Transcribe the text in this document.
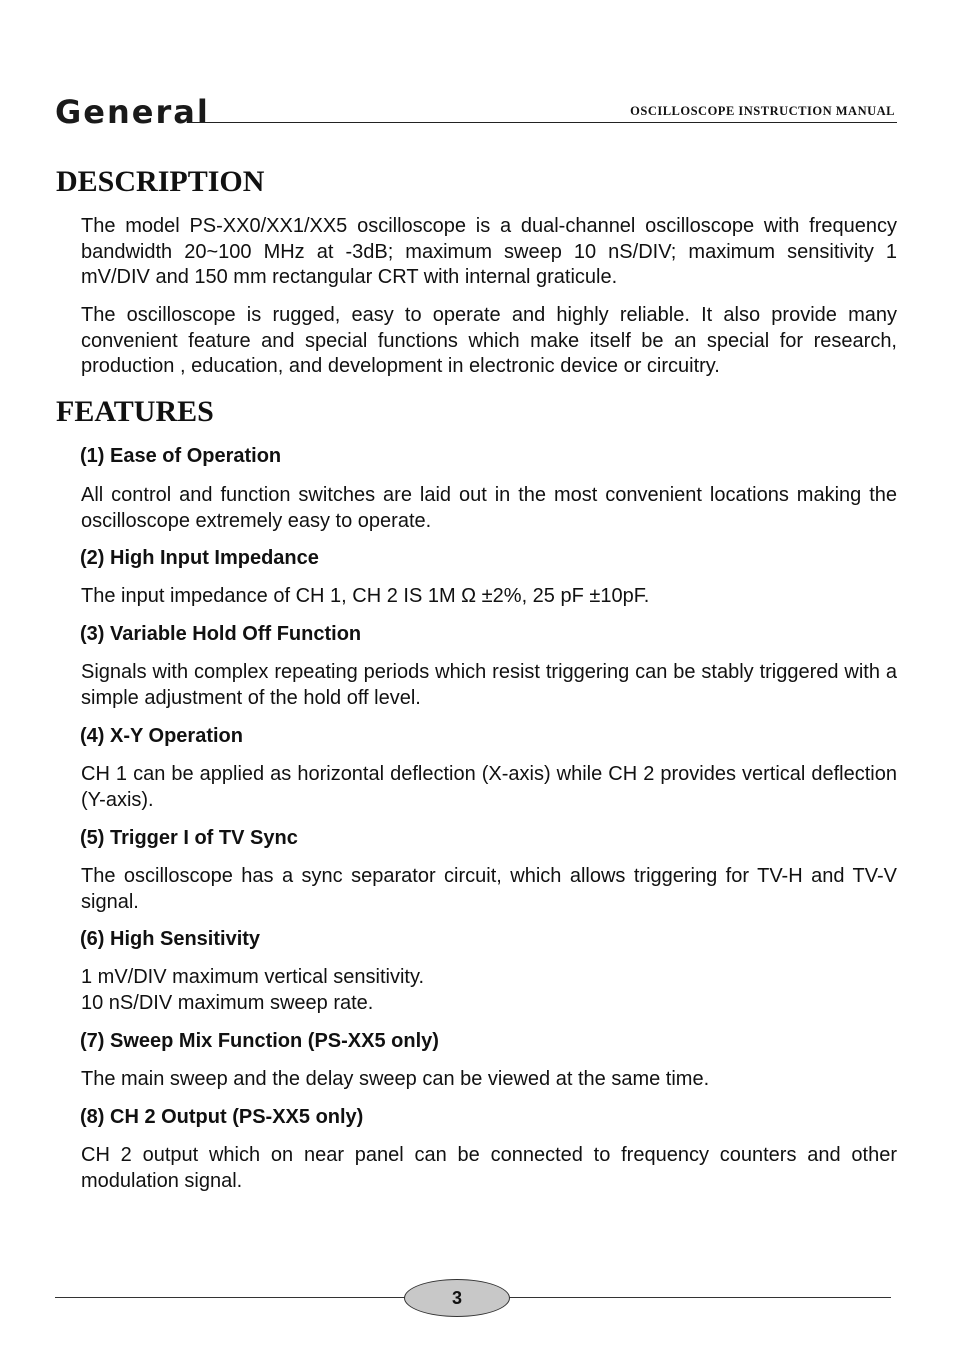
General	OSCILLOSCOPE INSTRUCTION MANUAL
DESCRIPTION

The model PS-XX0/XX1/XX5 oscilloscope is a dual-channel oscilloscope with frequency bandwidth 20~100 MHz at -3dB; maximum sweep 10 nS/DIV; maximum sensitivity 1 mV/DIV and 150 mm rectangular CRT with internal graticule.

The oscilloscope is rugged, easy to operate and highly reliable. It also provide many convenient feature and special functions which make itself be an special for research, production , education, and development in electronic device or circuitry.

FEATURES
(1) Ease of Operation

All control and function switches are laid out in the most convenient locations making the oscilloscope extremely easy to operate.

(2) High Input Impedance

The input impedance of CH 1, CH 2 IS 1M Ω ±2%, 25 pF ±10pF.

(3) Variable Hold Off Function

Signals with complex repeating periods which resist triggering can be stably triggered with a simple adjustment of the hold off level.

(4) X-Y Operation

CH 1 can be applied as horizontal deflection (X-axis) while CH 2 provides vertical deflection (Y-axis).

(5) Trigger I of TV Sync

The oscilloscope has a sync separator circuit, which allows triggering for TV-H and TV-V signal.

(6) High Sensitivity
1 mV/DIV maximum vertical sensitivity.
10 nS/DIV maximum sweep rate.
(7) Sweep Mix Function (PS-XX5 only)

The main sweep and the delay sweep can be viewed at the same time.

(8) CH 2 Output (PS-XX5 only)

CH 2 output which on near panel can be connected to frequency counters and other modulation signal.

3
